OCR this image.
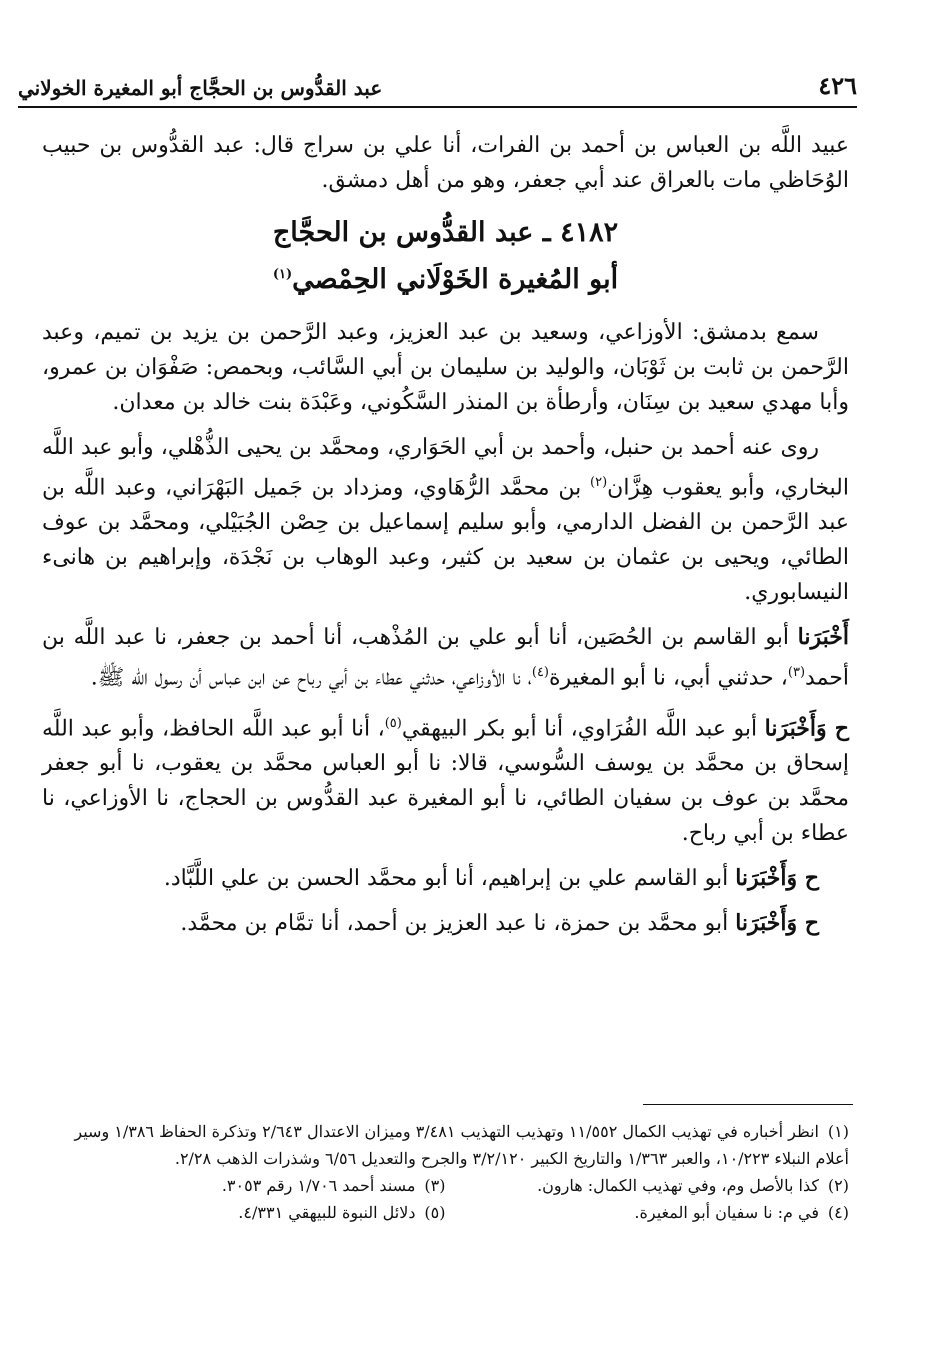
عبد القدُّوس بن الحجَّاج أبو المغيرة الخولاني	٤٢٦

عبيد اللَّه بن العباس بن أحمد بن الفرات، أنا علي بن سراج قال: عبد القدُّوس بن حبيب الوُحَاظي مات بالعراق عند أبي جعفر، وهو من أهل دمشق.

٤١٨٢ ـ عبد القدُّوس بن الحجَّاج
أبو المُغيرة الخَوْلَاني الحِمْصي$^{(١)}$

سمع بدمشق: الأوزاعي، وسعيد بن عبد العزيز، وعبد الرَّحمن بن يزيد بن تميم، وعبد الرَّحمن بن ثابت بن ثَوْبَان، والوليد بن سليمان بن أبي السَّائب، وبحمص: صَفْوَان بن عمرو، وأبا مهدي سعيد بن سِنَان، وأرطأة بن المنذر السَّكُوني، وعَبْدَة بنت خالد بن معدان.

روى عنه أحمد بن حنبل، وأحمد بن أبي الحَوَاري، ومحمَّد بن يحيى الذُّهْلي، وأبو عبد اللَّه البخاري، وأبو يعقوب هِزَّان$^{(٢)}$ بن محمَّد الرُّهَاوي، ومزداد بن جَميل البَهْرَاني، وعبد اللَّه بن عبد الرَّحمن بن الفضل الدارمي، وأبو سليم إسماعيل بن حِصْن الجُبَيْلي، ومحمَّد بن عوف الطائي، ويحيى بن عثمان بن سعيد بن كثير، وعبد الوهاب بن نَجْدَة، وإبراهيم بن هانىء النيسابوري.

أَخْبَرَنا أبو القاسم بن الحُصَين، أنا أبو علي بن المُذْهب، أنا أحمد بن جعفر، نا عبد اللَّه بن أحمد$^{(٣)}$، حدثني أبي، نا أبو المغيرة$^{(٤)}$، نا الأوزاعي، حدثني عطاء بن أبي رباح عن ابن عباس أن رسول الله ﷺ.

ح وَأَخْبَرَنا أبو عبد اللَّه الفُرَاوي، أنا أبو بكر البيهقي$^{(٥)}$، أنا أبو عبد اللَّه الحافظ، وأبو عبد اللَّه إسحاق بن محمَّد بن يوسف السُّوسي، قالا: نا أبو العباس محمَّد بن يعقوب، نا أبو جعفر محمَّد بن عوف بن سفيان الطائي، نا أبو المغيرة عبد القدُّوس بن الحجاج، نا الأوزاعي، نا عطاء بن أبي رباح.

ح وَأَخْبَرَنا أبو القاسم علي بن إبراهيم، أنا أبو محمَّد الحسن بن علي اللَّبَّاد.

ح وَأَخْبَرَنا أبو محمَّد بن حمزة، نا عبد العزيز بن أحمد، أنا تمَّام بن محمَّد.

(١)انظر أخباره في تهذيب الكمال ١١/٥٥٢ وتهذيب التهذيب ٣/٤٨١ وميزان الاعتدال ٢/٦٤٣ وتذكرة الحفاظ ١/٣٨٦ وسير أعلام النبلاء ١٠/٢٢٣، والعبر ١/٣٦٣ والتاريخ الكبير ٣/٢/١٢٠ والجرح والتعديل ٦/٥٦ وشذرات الذهب ٢/٢٨.

(٢)كذا بالأصل وم، وفي تهذيب الكمال: هارون.

(٣)مسند أحمد ١/٧٠٦ رقم ٣٠٥٣.

(٤)في م: نا سفيان أبو المغيرة.

(٥)دلائل النبوة للبيهقي ٤/٣٣١.
